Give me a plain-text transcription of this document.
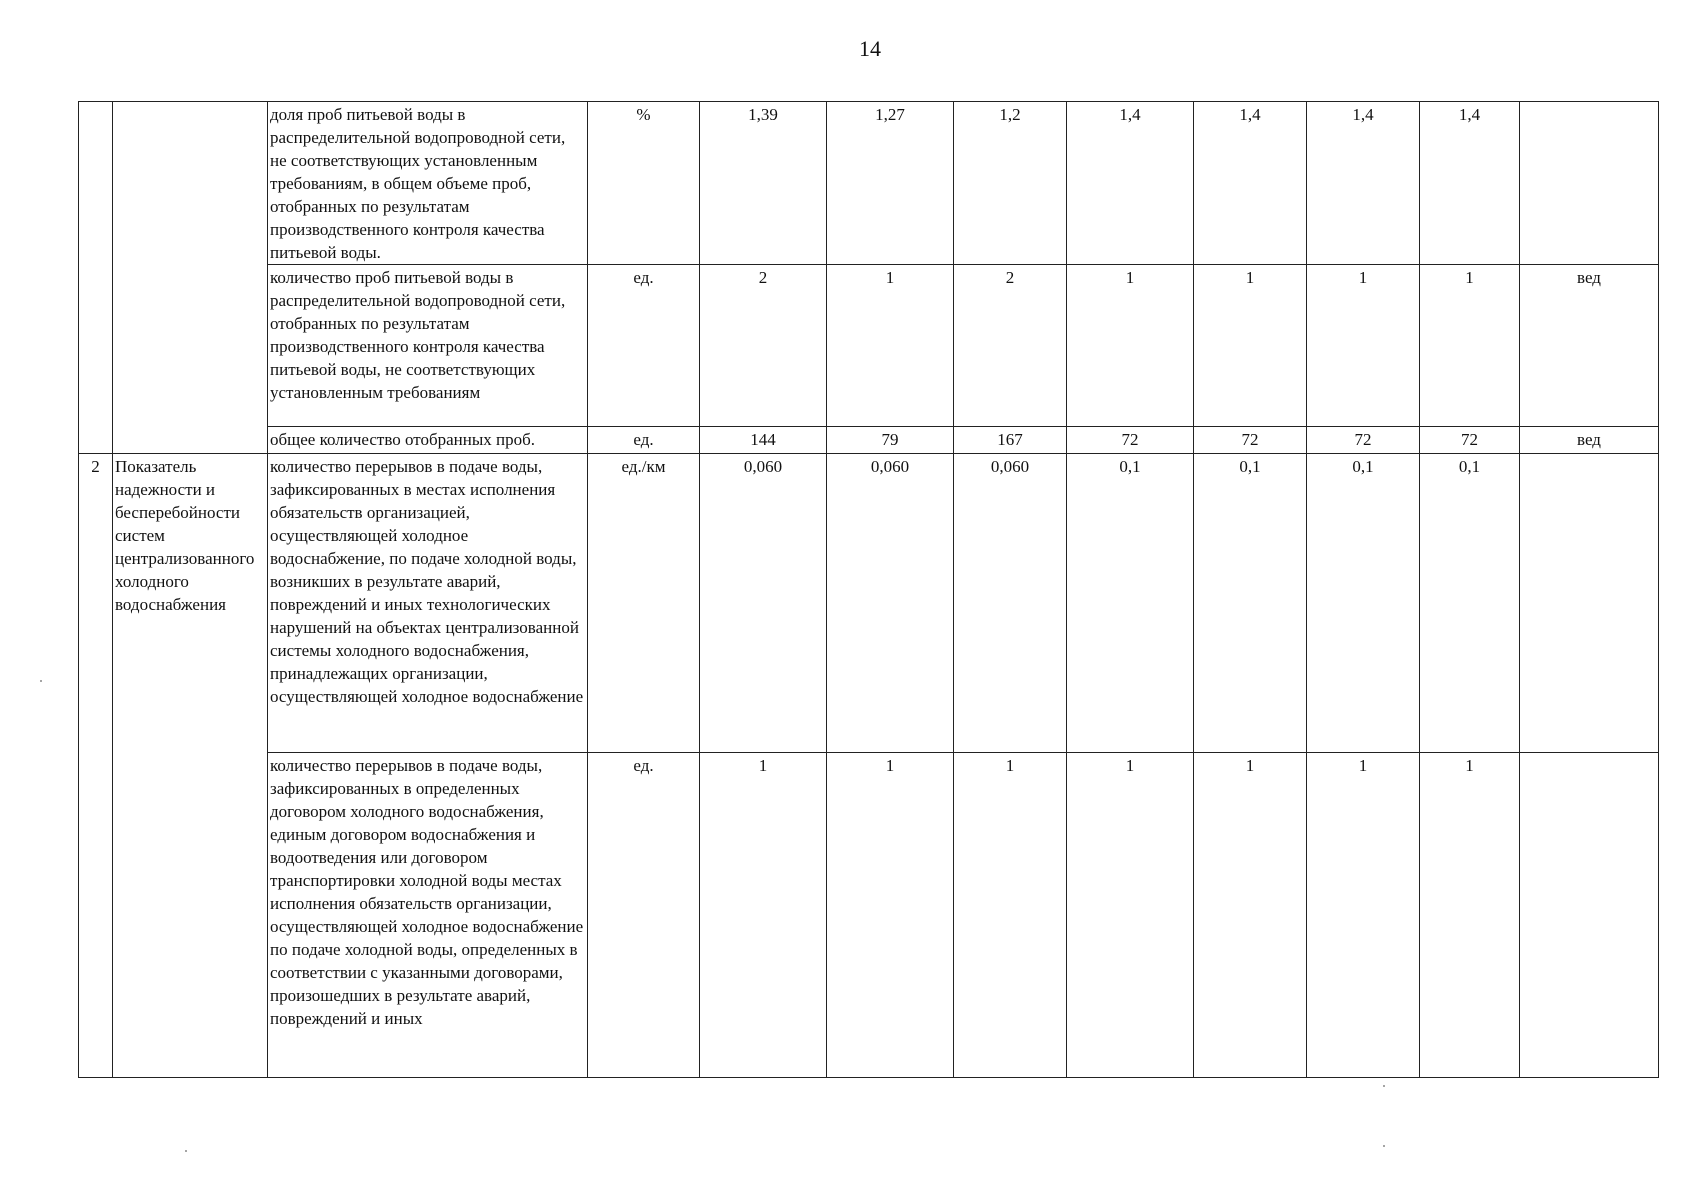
14
		доля проб питьевой воды в распределительной водопроводной сети, не соответствующих установленным требованиям, в общем объеме проб, отобранных по результатам производственного контроля качества питьевой воды.	%	1,39	1,27	1,2	1,4	1,4	1,4	1,4	
		количество проб питьевой воды в распределительной водопроводной сети, отобранных по результатам производственного контроля качества питьевой воды, не соответствующих установленным требованиям	ед.	2	1	2	1	1	1	1	вед
		общее количество отобранных проб.	ед.	144	79	167	72	72	72	72	вед
2	Показатель надежности и бесперебойности систем централизованного холодного водоснабжения	количество перерывов в подаче воды, зафиксированных в местах исполнения обязательств организацией, осуществляющей холодное водоснабжение, по подаче холодной воды, возникших в результате аварий, повреждений и иных технологических нарушений на объектах централизованной системы холодного водоснабжения, принадлежащих организации, осуществляющей холодное водоснабжение	ед./км	0,060	0,060	0,060	0,1	0,1	0,1	0,1	
		количество перерывов в подаче воды, зафиксированных в определенных договором холодного водоснабжения, единым договором водоснабжения и водоотведения или договором транспортировки холодной воды местах исполнения обязательств организации, осуществляющей холодное водоснабжение по подаче холодной воды, определенных в соответствии с указанными договорами, произошедших в результате аварий, повреждений и иных	ед.	1	1	1	1	1	1	1	
